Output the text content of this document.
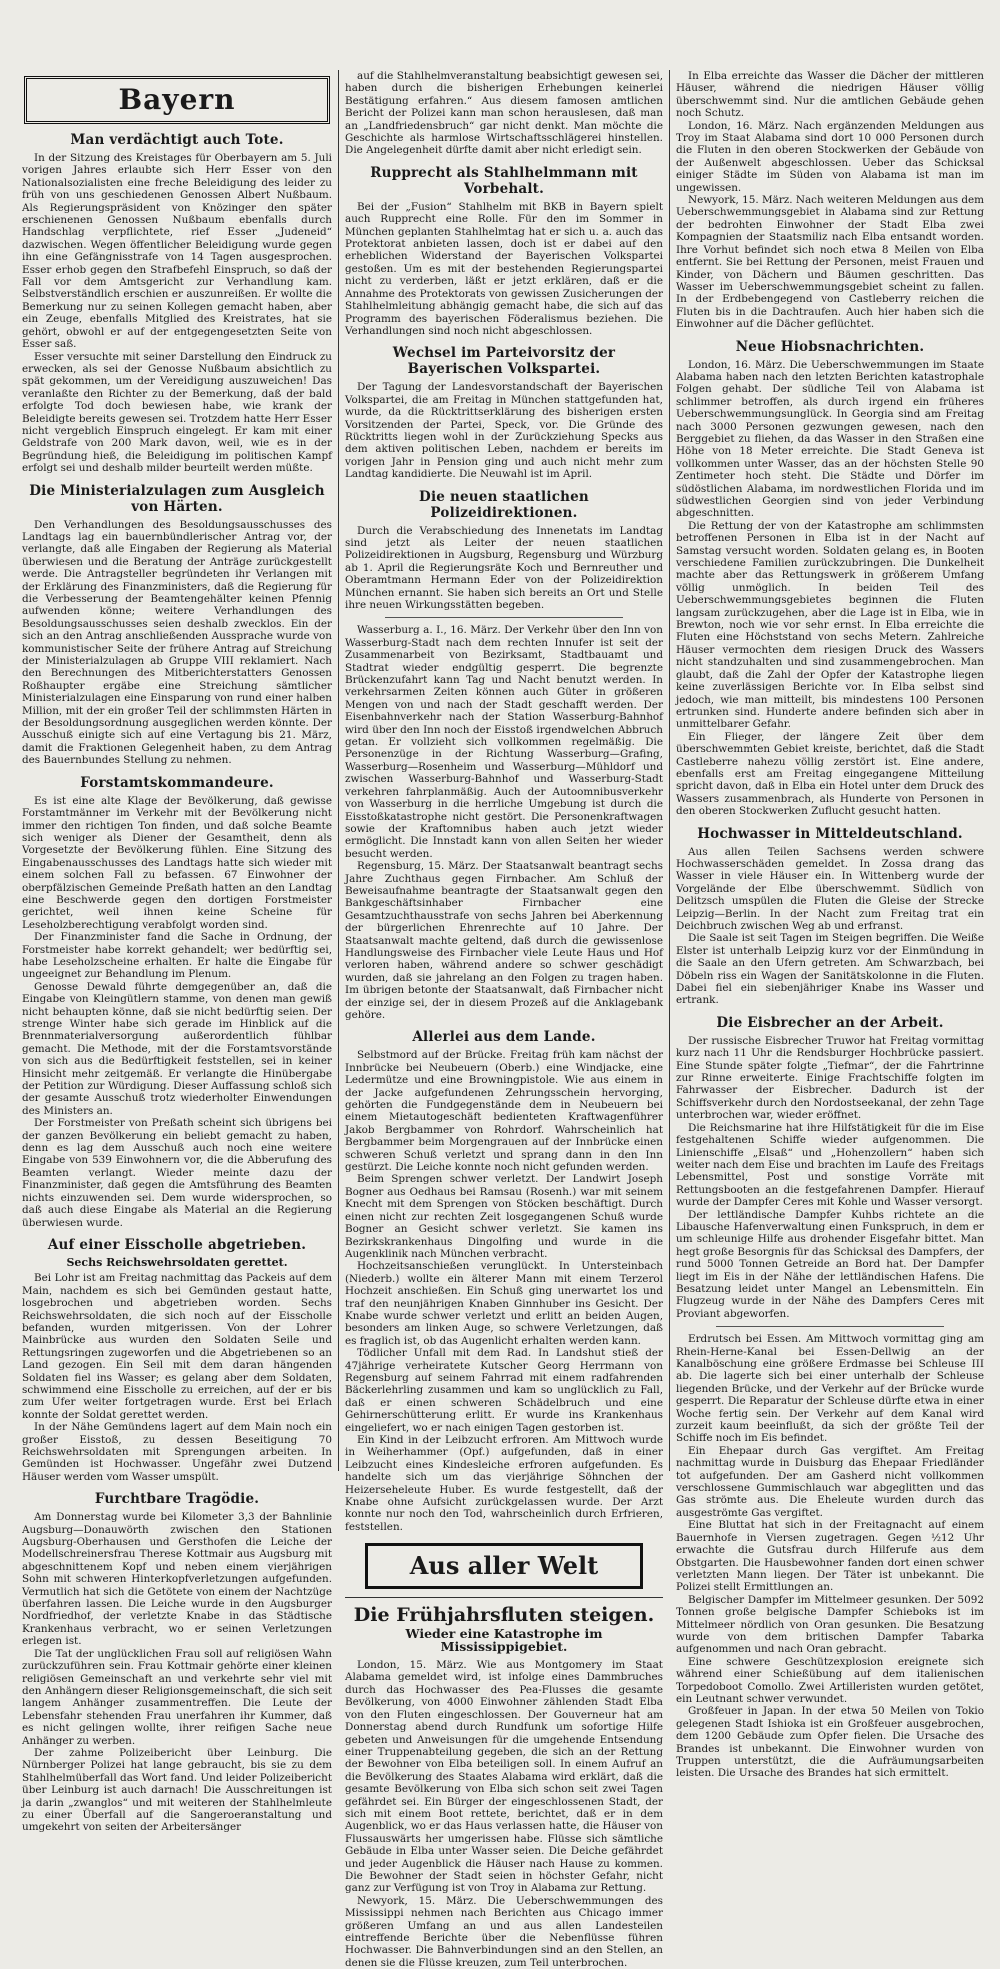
Bayern
Man verdächtigt auch Tote.

In der Sitzung des Kreistages für Oberbayern am 5. Juli vorigen Jahres erlaubte sich Herr Esser von den Nationalsozialisten eine freche Beleidigung des leider zu früh von uns geschiedenen Genossen Albert Nußbaum. Als Regierungspräsident von Knözinger den später erschienenen Genossen Nußbaum ebenfalls durch Handschlag verpflichtete, rief Esser „Judeneid“ dazwischen. Wegen öffentlicher Beleidigung wurde gegen ihn eine Gefängnisstrafe von 14 Tagen ausgesprochen. Esser erhob gegen den Strafbefehl Einspruch, so daß der Fall vor dem Amtsgericht zur Verhandlung kam. Selbstverständlich erschien er auszunreißen. Er wollte die Bemerkung nur zu seinen Kollegen gemacht haben, aber ein Zeuge, ebenfalls Mitglied des Kreistrates, hat sie gehört, obwohl er auf der entgegengesetzten Seite von Esser saß.

Esser versuchte mit seiner Darstellung den Eindruck zu erwecken, als sei der Genosse Nußbaum absichtlich zu spät gekommen, um der Vereidigung auszuweichen! Das veranlaßte den Richter zu der Bemerkung, daß der bald erfolgte Tod doch bewiesen habe, wie krank der Beleidigte bereits gewesen sei. Trotzdem hatte Herr Esser nicht vergeblich Einspruch eingelegt. Er kam mit einer Geldstrafe von 200 Mark davon, weil, wie es in der Begründung hieß, die Beleidigung im politischen Kampf erfolgt sei und deshalb milder beurteilt werden müßte.

Die Ministerialzulagen zum Ausgleich von Härten.

Den Verhandlungen des Besoldungsausschusses des Landtags lag ein bauernbündlerischer Antrag vor, der verlangte, daß alle Eingaben der Regierung als Material überwiesen und die Beratung der Anträge zurückgestellt werde. Die Antragsteller begründeten ihr Verlangen mit der Erklärung des Finanzministers, daß die Regierung für die Verbesserung der Beamtengehälter keinen Pfennig aufwenden könne; weitere Verhandlungen des Besoldungsausschusses seien deshalb zwecklos. Ein der sich an den Antrag anschließenden Aussprache wurde von kommunistischer Seite der frühere Antrag auf Streichung der Ministerialzulagen ab Gruppe VIII reklamiert. Nach den Berechnungen des Mitberichterstatters Genossen Roßhaupter ergäbe eine Streichung sämtlicher Ministerialzulagen eine Einsparung von rund einer halben Million, mit der ein großer Teil der schlimmsten Härten in der Besoldungsordnung ausgeglichen werden könnte. Der Ausschuß einigte sich auf eine Vertagung bis 21. März, damit die Fraktionen Gelegenheit haben, zu dem Antrag des Bauernbundes Stellung zu nehmen.

Forstamtskommandeure.

Es ist eine alte Klage der Bevölkerung, daß gewisse Forstamtmänner im Verkehr mit der Bevölkerung nicht immer den richtigen Ton finden, und daß solche Beamte sich weniger als Diener der Gesamtheit, denn als Vorgesetzte der Bevölkerung fühlen. Eine Sitzung des Eingabenausschusses des Landtags hatte sich wieder mit einem solchen Fall zu befassen. 67 Einwohner der oberpfälzischen Gemeinde Preßath hatten an den Landtag eine Beschwerde gegen den dortigen Forstmeister gerichtet, weil ihnen keine Scheine für Leseholzberechtigung verabfolgt worden sind.

Der Finanzminister fand die Sache in Ordnung, der Forstmeister habe korrekt gehandelt; wer bedürftig sei, habe Leseholzscheine erhalten. Er halte die Eingabe für ungeeignet zur Behandlung im Plenum.

Genosse Dewald führte demgegenüber an, daß die Eingabe von Kleingütlern stamme, von denen man gewiß nicht behaupten könne, daß sie nicht bedürftig seien. Der strenge Winter habe sich gerade im Hinblick auf die Brennmaterialversorgung außerordentlich fühlbar gemacht. Die Methode, mit der die Forstamtsvorstände von sich aus die Bedürftigkeit feststellen, sei in keiner Hinsicht mehr zeitgemäß. Er verlangte die Hinübergabe der Petition zur Würdigung. Dieser Auffassung schloß sich der gesamte Ausschuß trotz wiederholter Einwendungen des Ministers an.

Der Forstmeister von Preßath scheint sich übrigens bei der ganzen Bevölkerung ein beliebt gemacht zu haben, denn es lag dem Ausschuß auch noch eine weitere Eingabe von 539 Einwohnern vor, die die Abberufung des Beamten verlangt. Wieder meinte dazu der Finanzminister, daß gegen die Amtsführung des Beamten nichts einzuwenden sei. Dem wurde widersprochen, so daß auch diese Eingabe als Material an die Regierung überwiesen wurde.

Auf einer Eisscholle abgetrieben.
Sechs Reichswehrsoldaten gerettet.

Bei Lohr ist am Freitag nachmittag das Packeis auf dem Main, nachdem es sich bei Gemünden gestaut hatte, losgebrochen und abgetrieben worden. Sechs Reichswehrsoldaten, die sich noch auf der Eisscholle befanden, wurden mitgerissen. Von der Lohrer Mainbrücke aus wurden den Soldaten Seile und Rettungsringen zugeworfen und die Abgetriebenen so an Land gezogen. Ein Seil mit dem daran hängenden Soldaten fiel ins Wasser; es gelang aber dem Soldaten, schwimmend eine Eisscholle zu erreichen, auf der er bis zum Ufer weiter fortgetragen wurde. Erst bei Erlach konnte der Soldat gerettet werden.

In der Nähe Gemündens lagert auf dem Main noch ein großer Eisstoß, zu dessen Beseitigung 70 Reichswehrsoldaten mit Sprengungen arbeiten. In Gemünden ist Hochwasser. Ungefähr zwei Dutzend Häuser werden vom Wasser umspült.

Furchtbare Tragödie.

Am Donnerstag wurde bei Kilometer 3,3 der Bahnlinie Augsburg—Donauwörth zwischen den Stationen Augsburg-Oberhausen und Gersthofen die Leiche der Modellschreinersfrau Therese Kottmair aus Augsburg mit abgeschnittenem Kopf und neben einem vierjährigen Sohn mit schweren Hinterkopfverletzungen aufgefunden. Vermutlich hat sich die Getötete von einem der Nachtzüge überfahren lassen. Die Leiche wurde in den Augsburger Nordfriedhof, der verletzte Knabe in das Städtische Krankenhaus verbracht, wo er seinen Verletzungen erlegen ist.

Die Tat der unglücklichen Frau soll auf religiösen Wahn zurückzuführen sein. Frau Kottmair gehörte einer kleinen religiösen Gemeinschaft an und verkehrte sehr viel mit den Anhängern dieser Religionsgemeinschaft, die sich seit langem Anhänger zusammentreffen. Die Leute der Lebensfahr stehenden Frau unerfahren ihr Kummer, daß es nicht gelingen wollte, ihrer reifigen Sache neue Anhänger zu werben.

Der zahme Polizeibericht über Leinburg. Die Nürnberger Polizei hat lange gebraucht, bis sie zu dem Stahlhelmüberfall das Wort fand. Und leider Polizeibericht über Leinburg ist auch darnach! Die Ausschreitungen ist ja darin „zwanglos“ und mit weiteren der Stahlhelmleute zu einer Überfall auf die Sangeroeranstaltung und umgekehrt von seiten der Arbeitersänger

auf die Stahlhelmveranstaltung beabsichtigt gewesen sei, haben durch die bisherigen Erhebungen keinerlei Bestätigung erfahren.“ Aus diesem famosen amtlichen Bericht der Polizei kann man schon herauslesen, daß man an „Landfriedensbruch“ gar nicht denkt. Man möchte die Geschichte als harmlose Wirtschaftsschlägerei hinstellen. Die Angelegenheit dürfte damit aber nicht erledigt sein.

Rupprecht als Stahlhelmmann mit Vorbehalt.

Bei der „Fusion“ Stahlhelm mit BKB in Bayern spielt auch Rupprecht eine Rolle. Für den im Sommer in München geplanten Stahlhelmtag hat er sich u. a. auch das Protektorat anbieten lassen, doch ist er dabei auf den erheblichen Widerstand der Bayerischen Volkspartei gestoßen. Um es mit der bestehenden Regierungspartei nicht zu verderben, läßt er jetzt erklären, daß er die Annahme des Protektorats von gewissen Zusicherungen der Stahlhelmleitung abhängig gemacht habe, die sich auf das Programm des bayerischen Föderalismus beziehen. Die Verhandlungen sind noch nicht abgeschlossen.

Wechsel im Parteivorsitz der Bayerischen Volkspartei.

Der Tagung der Landesvorstandschaft der Bayerischen Volkspartei, die am Freitag in München stattgefunden hat, wurde, da die Rücktrittserklärung des bisherigen ersten Vorsitzenden der Partei, Speck, vor. Die Gründe des Rücktritts liegen wohl in der Zurückziehung Specks aus dem aktiven politischen Leben, nachdem er bereits im vorigen Jahr in Pension ging und auch nicht mehr zum Landtag kandidierte. Die Neuwahl ist im April.

Die neuen staatlichen Polizeidirektionen.

Durch die Verabschiedung des Innenetats im Landtag sind jetzt als Leiter der neuen staatlichen Polizeidirektionen in Augsburg, Regensburg und Würzburg ab 1. April die Regierungsräte Koch und Bernreuther und Oberamtmann Hermann Eder von der Polizeidirektion München ernannt. Sie haben sich bereits an Ort und Stelle ihre neuen Wirkungsstätten begeben.

Wasserburg a. I., 16. März. Der Verkehr über den Inn von Wasserburg-Stadt nach dem rechten Innufer ist seit der Zusammenarbeit von Bezirksamt, Stadtbauamt und Stadtrat wieder endgültig gesperrt. Die begrenzte Brückenzufahrt kann Tag und Nacht benutzt werden. In verkehrsarmen Zeiten können auch Güter in größeren Mengen von und nach der Stadt geschafft werden. Der Eisenbahnverkehr nach der Station Wasserburg-Bahnhof wird über den Inn noch der Eisstoß irgendwelchen Abbruch getan. Er vollzieht sich vollkommen regelmäßig. Die Personenzüge in der Richtung Wasserburg—Grafing, Wasserburg—Rosenheim und Wasserburg—Mühldorf und zwischen Wasserburg-Bahnhof und Wasserburg-Stadt verkehren fahrplanmäßig. Auch der Autoomnibusverkehr von Wasserburg in die herrliche Umgebung ist durch die Eisstoßkatastrophe nicht gestört. Die Personenkraftwagen sowie der Kraftomnibus haben auch jetzt wieder ermöglicht. Die Innstadt kann von allen Seiten her wieder besucht werden.

Regensburg, 15. März. Der Staatsanwalt beantragt sechs Jahre Zuchthaus gegen Firnbacher. Am Schluß der Beweisaufnahme beantragte der Staatsanwalt gegen den Bankgeschäftsinhaber Firnbacher eine Gesamtzuchthausstrafe von sechs Jahren bei Aberkennung der bürgerlichen Ehrenrechte auf 10 Jahre. Der Staatsanwalt machte geltend, daß durch die gewissenlose Handlungsweise des Firnbacher viele Leute Haus und Hof verloren haben, während andere so schwer geschädigt wurden, daß sie jahrelang an den Folgen zu tragen haben. Im übrigen betonte der Staatsanwalt, daß Firnbacher nicht der einzige sei, der in diesem Prozeß auf die Anklagebank gehöre.

Allerlei aus dem Lande.

Selbstmord auf der Brücke. Freitag früh kam nächst der Innbrücke bei Neubeuern (Oberb.) eine Windjacke, eine Ledermütze und eine Browningpistole. Wie aus einem in der Jacke aufgefundenen Zehrungsschein hervorging, gehörten die Fundgegenstände dem in Neubeuern bei einem Mietautogeschäft bedienteten Kraftwagenführer Jakob Bergbammer von Rohrdorf. Wahrscheinlich hat Bergbammer beim Morgengrauen auf der Innbrücke einen schweren Schuß verletzt und sprang dann in den Inn gestürzt. Die Leiche konnte noch nicht gefunden werden.

Beim Sprengen schwer verletzt. Der Landwirt Joseph Bogner aus Oedhaus bei Ramsau (Rosenh.) war mit seinem Knecht mit dem Sprengen von Stöcken beschäftigt. Durch einen nicht zur rechten Zeit losgegangenen Schuß wurde Bogner an Gesicht schwer verletzt. Sie kamen ins Bezirkskrankenhaus Dingolfing und wurde in die Augenklinik nach München verbracht.

Hochzeitsanschießen verunglückt. In Untersteinbach (Niederb.) wollte ein älterer Mann mit einem Terzerol Hochzeit anschießen. Ein Schuß ging unerwartet los und traf den neunjährigen Knaben Ginnhuber ins Gesicht. Der Knabe wurde schwer verletzt und erlitt an beiden Augen, besonders am linken Auge, so schwere Verletzungen, daß es fraglich ist, ob das Augenlicht erhalten werden kann.

Tödlicher Unfall mit dem Rad. In Landshut stieß der 47jährige verheiratete Kutscher Georg Herrmann von Regensburg auf seinem Fahrrad mit einem radfahrenden Bäckerlehrling zusammen und kam so unglücklich zu Fall, daß er einen schweren Schädelbruch und eine Gehirnerschütterung erlitt. Er wurde ins Krankenhaus eingeliefert, wo er nach einigen Tagen gestorben ist.

Ein Kind in der Leibzucht erfroren. Am Mittwoch wurde in Weiherhammer (Opf.) aufgefunden, daß in einer Leibzucht eines Kindesleiche erfroren aufgefunden. Es handelte sich um das vierjährige Söhnchen der Heizerseheleute Huber. Es wurde festgestellt, daß der Knabe ohne Aufsicht zurückgelassen wurde. Der Arzt konnte nur noch den Tod, wahrscheinlich durch Erfrieren, feststellen.

Aus aller Welt
Die Frühjahrsfluten steigen.
Wieder eine Katastrophe im Mississippigebiet.

London, 15. März. Wie aus Montgomery im Staat Alabama gemeldet wird, ist infolge eines Dammbruches durch das Hochwasser des Pea-Flusses die gesamte Bevölkerung, von 4000 Einwohner zählenden Stadt Elba von den Fluten eingeschlossen. Der Gouverneur hat am Donnerstag abend durch Rundfunk um sofortige Hilfe gebeten und Anweisungen für die umgehende Entsendung einer Truppenabteilung gegeben, die sich an der Rettung der Bewohner von Elba beteiligen soll. In einem Aufruf an die Bevölkerung des Staates Alabama wird erklärt, daß die gesamte Bevölkerung von Elba sich schon seit zwei Tagen gefährdet sei. Ein Bürger der eingeschlossenen Stadt, der sich mit einem Boot rettete, berichtet, daß er in dem Augenblick, wo er das Haus verlassen hatte, die Häuser von Flussauswärts her umgerissen habe. Flüsse sich sämtliche Gebäude in Elba unter Wasser seien. Die Deiche gefährdet und jeder Augenblick die Häuser nach Hause zu kommen. Die Bewohner der Stadt seien in höchster Gefahr, nicht ganz zur Verfügung ist von Troy in Alabama zur Rettung.

Newyork, 15. März. Die Ueberschwemmungen des Mississippi nehmen nach Berichten aus Chicago immer größeren Umfang an und aus allen Landesteilen eintreffende Berichte über die Nebenflüsse führen Hochwasser. Die Bahnverbindungen sind an den Stellen, an denen sie die Flüsse kreuzen, zum Teil unterbrochen.

In Elba erreichte das Wasser die Dächer der mittleren Häuser, während die niedrigen Häuser völlig überschwemmt sind. Nur die amtlichen Gebäude gehen noch Schutz.

London, 16. März. Nach ergänzenden Meldungen aus Troy im Staat Alabama sind dort 10 000 Personen durch die Fluten in den oberen Stockwerken der Gebäude von der Außenwelt abgeschlossen. Ueber das Schicksal einiger Städte im Süden von Alabama ist man im ungewissen.

Newyork, 15. März. Nach weiteren Meldungen aus dem Ueberschwemmungsgebiet in Alabama sind zur Rettung der bedrohten Einwohner der Stadt Elba zwei Kompagnien der Staatsmiliz nach Elba entsandt worden. Ihre Vorhut befindet sich noch etwa 8 Meilen von Elba entfernt. Sie bei Rettung der Personen, meist Frauen und Kinder, von Dächern und Bäumen geschritten. Das Wasser im Ueberschwemmungsgebiet scheint zu fallen. In der Erdbebengegend von Castleberry reichen die Fluten bis in die Dachtraufen. Auch hier haben sich die Einwohner auf die Dächer geflüchtet.

Neue Hiobsnachrichten.

London, 16. März. Die Ueberschwemmungen im Staate Alabama haben nach den letzten Berichten katastrophale Folgen gehabt. Der südliche Teil von Alabama ist schlimmer betroffen, als durch irgend ein früheres Ueberschwemmungsunglück. In Georgia sind am Freitag nach 3000 Personen gezwungen gewesen, nach den Berggebiet zu fliehen, da das Wasser in den Straßen eine Höhe von 18 Meter erreichte. Die Stadt Geneva ist vollkommen unter Wasser, das an der höchsten Stelle 90 Zentimeter hoch steht. Die Städte und Dörfer im südöstlichen Alabama, im nordwestlichen Florida und im südwestlichen Georgien sind von jeder Verbindung abgeschnitten.

Die Rettung der von der Katastrophe am schlimmsten betroffenen Personen in Elba ist in der Nacht auf Samstag versucht worden. Soldaten gelang es, in Booten verschiedene Familien zurückzubringen. Die Dunkelheit machte aber das Rettungswerk in größerem Umfang völlig unmöglich. In beiden Teil des Ueberschwemmungsgebietes beginnen die Fluten langsam zurückzugehen, aber die Lage ist in Elba, wie in Brewton, noch wie vor sehr ernst. In Elba erreichte die Fluten eine Höchststand von sechs Metern. Zahlreiche Häuser vermochten dem riesigen Druck des Wassers nicht standzuhalten und sind zusammengebrochen. Man glaubt, daß die Zahl der Opfer der Katastrophe liegen keine zuverlässigen Berichte vor. In Elba selbst sind jedoch, wie man mitteilt, bis mindestens 100 Personen ertrunken sind. Hunderte andere befinden sich aber in unmittelbarer Gefahr.

Ein Flieger, der längere Zeit über dem überschwemmten Gebiet kreiste, berichtet, daß die Stadt Castleberre nahezu völlig zerstört ist. Eine andere, ebenfalls erst am Freitag eingegangene Mitteilung spricht davon, daß in Elba ein Hotel unter dem Druck des Wassers zusammenbrach, als Hunderte von Personen in den oberen Stockwerken Zuflucht gesucht hatten.

Hochwasser in Mitteldeutschland.

Aus allen Teilen Sachsens werden schwere Hochwasserschäden gemeldet. In Zossa drang das Wasser in viele Häuser ein. In Wittenberg wurde der Vorgelände der Elbe überschwemmt. Südlich von Delitzsch umspülen die Fluten die Gleise der Strecke Leipzig—Berlin. In der Nacht zum Freitag trat ein Deichbruch zwischen Weg ab und erfranst.

Die Saale ist seit Tagen im Steigen begriffen. Die Weiße Elster ist unterhalb Leipzig kurz vor der Einmündung in die Saale an den Ufern getreten. Am Schwarzbach, bei Döbeln riss ein Wagen der Sanitätskolonne in die Fluten. Dabei fiel ein siebenjähriger Knabe ins Wasser und ertrank.

Die Eisbrecher an der Arbeit.

Der russische Eisbrecher Truwor hat Freitag vormittag kurz nach 11 Uhr die Rendsburger Hochbrücke passiert. Eine Stunde später folgte „Tiefmar“, der die Fahrtrinne zur Rinne erweiterte. Einige Frachtschiffe folgten im Fahrwasser der Eisbrecher. Dadurch ist der Schiffsverkehr durch den Nordostseekanal, der zehn Tage unterbrochen war, wieder eröffnet.

Die Reichsmarine hat ihre Hilfstätigkeit für die im Eise festgehaltenen Schiffe wieder aufgenommen. Die Linienschiffe „Elsaß“ und „Hohenzollern“ haben sich weiter nach dem Eise und brachten im Laufe des Freitags Lebensmittel, Post und sonstige Vorräte mit Rettungsbooten an die festgefahrenen Dampfer. Hierauf wurde der Dampfer Ceres mit Kohle und Wasser versorgt.

Der lettländische Dampfer Kuhbs richtete an die Libausche Hafenverwaltung einen Funkspruch, in dem er um schleunige Hilfe aus drohender Eisgefahr bittet. Man hegt große Besorgnis für das Schicksal des Dampfers, der rund 5000 Tonnen Getreide an Bord hat. Der Dampfer liegt im Eis in der Nähe der lettländischen Hafens. Die Besatzung leidet unter Mangel an Lebensmitteln. Ein Flugzeug wurde in der Nähe des Dampfers Ceres mit Proviant abgeworfen.

Erdrutsch bei Essen. Am Mittwoch vormittag ging am Rhein-Herne-Kanal bei Essen-Dellwig an der Kanalböschung eine größere Erdmasse bei Schleuse III ab. Die lagerte sich bei einer unterhalb der Schleuse liegenden Brücke, und der Verkehr auf der Brücke wurde gesperrt. Die Reparatur der Schleuse dürfte etwa in einer Woche fertig sein. Der Verkehr auf dem Kanal wird zurzeit kaum beeinflußt, da sich der größte Teil der Schiffe noch im Eis befindet.

Ein Ehepaar durch Gas vergiftet. Am Freitag nachmittag wurde in Duisburg das Ehepaar Friedländer tot aufgefunden. Der am Gasherd nicht vollkommen verschlossene Gummischlauch war abgeglitten und das Gas strömte aus. Die Eheleute wurden durch das ausgeströmte Gas vergiftet.

Eine Bluttat hat sich in der Freitagnacht auf einem Bauernhofe in Viersen zugetragen. Gegen ½12 Uhr erwachte die Gutsfrau durch Hilferufe aus dem Obstgarten. Die Hausbewohner fanden dort einen schwer verletzten Mann liegen. Der Täter ist unbekannt. Die Polizei stellt Ermittlungen an.

Belgischer Dampfer im Mittelmeer gesunken. Der 5092 Tonnen große belgische Dampfer Schieboks ist im Mittelmeer nördlich von Oran gesunken. Die Besatzung wurde von dem britischen Dampfer Tabarka aufgenommen und nach Oran gebracht.

Eine schwere Geschützexplosion ereignete sich während einer Schießübung auf dem italienischen Torpedoboot Comollo. Zwei Artilleristen wurden getötet, ein Leutnant schwer verwundet.

Großfeuer in Japan. In der etwa 50 Meilen von Tokio gelegenen Stadt Ishioka ist ein Großfeuer ausgebrochen, dem 1200 Gebäude zum Opfer fielen. Die Ursache des Brandes ist unbekannt. Die Einwohner wurden von Truppen unterstützt, die die Aufräumungsarbeiten leisten. Die Ursache des Brandes hat sich ermittelt.
